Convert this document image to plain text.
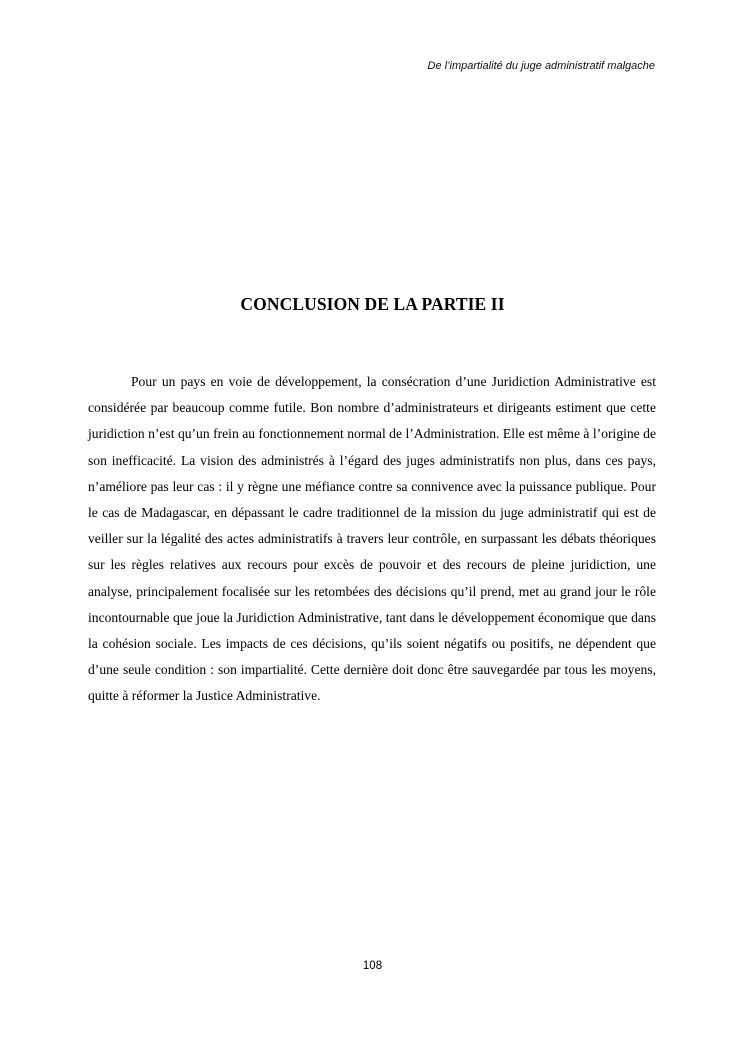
De l’impartialité du juge administratif malgache
CONCLUSION DE LA PARTIE II

Pour un pays en voie de développement, la consécration d’une Juridiction Administrative est considérée par beaucoup comme futile. Bon nombre d’administrateurs et dirigeants estiment que cette juridiction n’est qu’un frein au fonctionnement normal de l’Administration. Elle est même à l’origine de son inefficacité. La vision des administrés à l’égard des juges administratifs non plus, dans ces pays, n’améliore pas leur cas : il y règne une méfiance contre sa connivence avec la puissance publique. Pour le cas de Madagascar, en dépassant le cadre traditionnel de la mission du juge administratif qui est de veiller sur la légalité des actes administratifs à travers leur contrôle, en surpassant les débats théoriques sur les règles relatives aux recours pour excès de pouvoir et des recours de pleine juridiction, une analyse, principalement focalisée sur les retombées des décisions qu’il prend, met au grand jour le rôle incontournable que joue la Juridiction Administrative, tant dans le développement économique que dans la cohésion sociale. Les impacts de ces décisions, qu’ils soient négatifs ou positifs, ne dépendent que d’une seule condition : son impartialité. Cette dernière doit donc être sauvegardée par tous les moyens, quitte à réformer la Justice Administrative.

108
